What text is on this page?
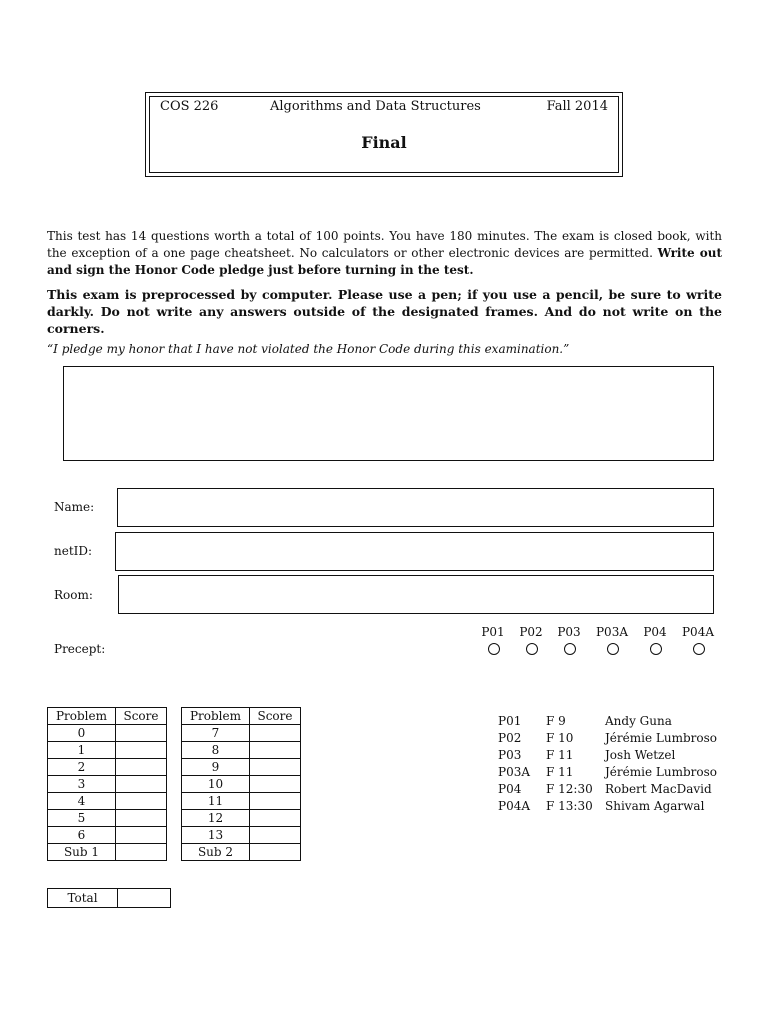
COS 226	Algorithms and Data Structures	Fall 2014
Final
This test has 14 questions worth a total of 100 points. You have 180 minutes. The exam is closed book, with the exception of a one page cheatsheet. No calculators or other electronic devices are permitted. Write out and sign the Honor Code pledge just before turning in the test.
This exam is preprocessed by computer. Please use a pen; if you use a pencil, be sure to write darkly. Do not write any answers outside of the designated frames. And do not write on the corners.
“I pledge my honor that I have not violated the Honor Code during this examination.”
Name:
netID:
Room:
Precept:
P01	P02	P03	P03A	P04	P04A
Problem	Score
0	
1	
2	
3	
4	
5	
6	
Sub 1	
Problem	Score
7	
8	
9	
10	
11	
12	
13	
Sub 2	
Total	
P01 F 9	Andy Guna
P02 F 10	Jérémie Lumbroso
P03 F 11	Josh Wetzel
P03A F 11	Jérémie Lumbroso
P04 F 12:30 Robert MacDavid
P04A F 13:30 Shivam Agarwal
